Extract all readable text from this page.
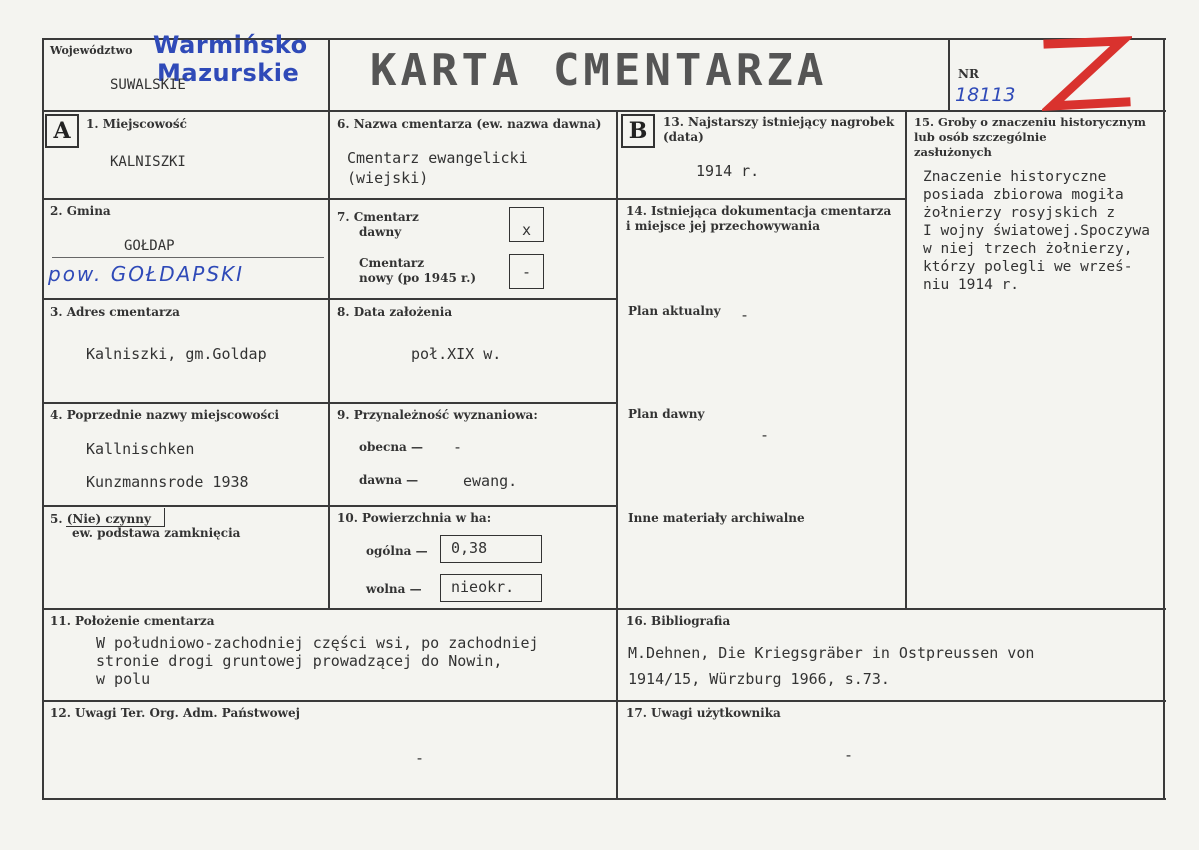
Województwo Warmińsko
Mazurskie
SUWALSKIE	KARTA CMENTARZA	NR
18113
A	1. Miejscowość
KALNISZKI
2. Gmina
GOŁDAP
pow. GOŁDAPSKI
3. Adres cmentarza
Kalniszki, gm.Goldap
4. Poprzednie nazwy miejscowości
Kallnischken
Kunzmannsrode 1938
5. (Nie) czynny
ew. podstawa zamknięcia
6. Nazwa cmentarza (ew. nazwa dawna)
Cmentarz ewangelicki
(wiejski)
7. Cmentarz
dawny	x
Cmentarz
nowy (po 1945 r.)	-
8. Data założenia
poł.XIX w.
9. Przynależność wyznaniowa:
obecna — -
dawna —	ewang.
10. Powierzchnia w ha:
ogólna —	0,38
wolna —	nieokr.
B	13. Najstarszy istniejący nagrobek
(data)
1914 r.
14. Istniejąca dokumentacja cmentarza
i miejsce jej przechowywania
Plan aktualny -
Plan dawny
-
Inne materiały archiwalne
15. Groby o znaczeniu historycznym
lub osób szczególnie
zasłużonych
Znaczenie historyczne
posiada zbiorowa mogiła
żołnierzy rosyjskich z
I wojny światowej.Spoczywa
w niej trzech żołnierzy,
którzy polegli we wrześ-
niu 1914 r.
11. Położenie cmentarza
W południowo-zachodniej części wsi, po zachodniej
stronie drogi gruntowej prowadzącej do Nowin,
w polu
16. Bibliografia
M.Dehnen, Die Kriegsgräber in Ostpreussen von
1914/15, Würzburg 1966, s.73.
12. Uwagi Ter. Org. Adm. Państwowej
-
17. Uwagi użytkownika
-
